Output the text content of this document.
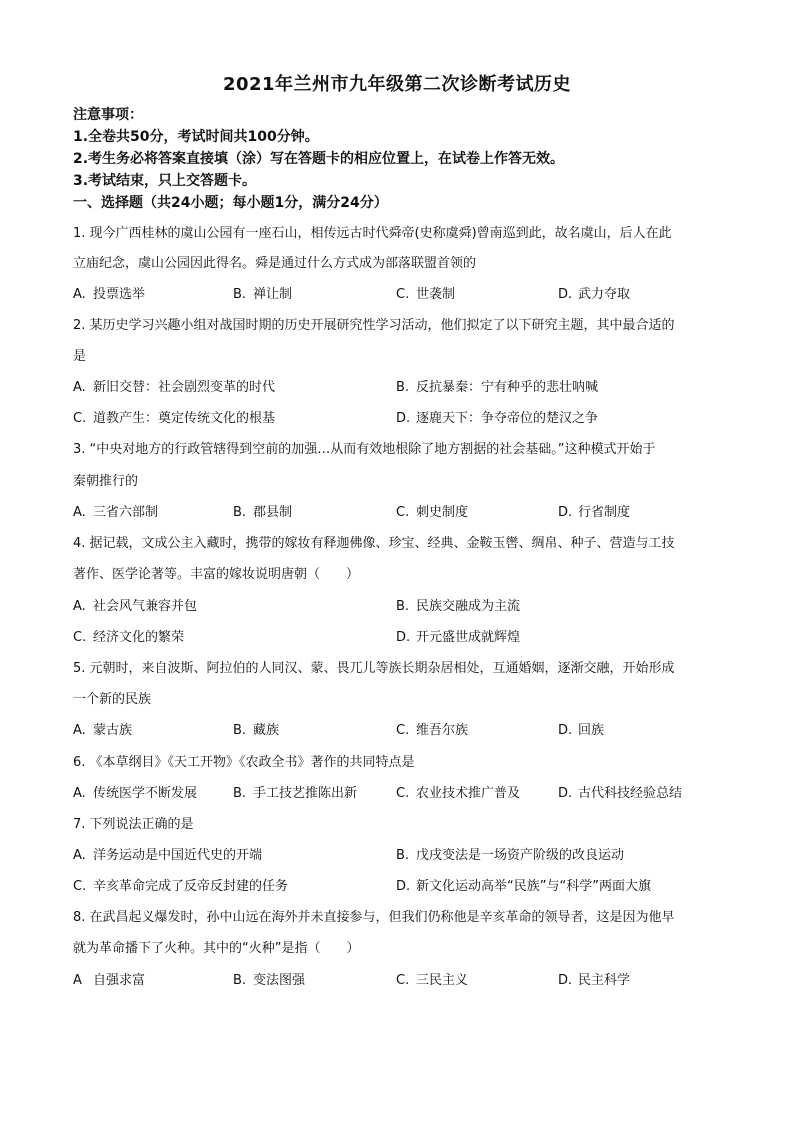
2021年兰州市九年级第二次诊断考试历史
注意事项：
1.全卷共50分，考试时间共100分钟。
2.考生务必将答案直接填（涂）写在答题卡的相应位置上，在试卷上作答无效。
3.考试结束，只上交答题卡。
一、选择题（共24小题；每小题1分，满分24分）
1. 现今广西桂林的虞山公园有一座石山，相传远古时代舜帝(史称虞舜)曾南巡到此，故名虞山，后人在此
立庙纪念，虞山公园因此得名。舜是通过什么方式成为部落联盟首领的
A. 投票选举	B. 禅让制	C. 世袭制	D. 武力夺取
2. 某历史学习兴趣小组对战国时期的历史开展研究性学习活动，他们拟定了以下研究主题，其中最合适的
是
A. 新旧交替：社会剧烈变革的时代	B. 反抗暴秦：宁有种乎的悲壮呐喊
C. 道教产生：奠定传统文化的根基	D. 逐鹿天下：争夺帝位的楚汉之争
3. “中央对地方的行政管辖得到空前的加强…从而有效地根除了地方割据的社会基础。”这种模式开始于
秦朝推行的
A. 三省六部制	B. 郡县制	C. 刺史制度	D. 行省制度
4. 据记载，文成公主入藏时，携带的嫁妆有释迦佛像、珍宝、经典、金鞍玉辔、绸帛、种子、营造与工技
著作、医学论著等。丰富的嫁妆说明唐朝（　　）
A. 社会风气兼容并包	B. 民族交融成为主流
C. 经济文化的繁荣	D. 开元盛世成就辉煌
5. 元朝时，来自波斯、阿拉伯的人同汉、蒙、畏兀儿等族长期杂居相处，互通婚姻，逐渐交融，开始形成
一个新的民族
A. 蒙古族	B. 藏族	C. 维吾尔族	D. 回族
6. 《本草纲目》《天工开物》《农政全书》著作的共同特点是
A. 传统医学不断发展	B. 手工技艺推陈出新	C. 农业技术推广普及	D. 古代科技经验总结
7. 下列说法正确的是
A. 洋务运动是中国近代史的开端	B. 戊戌变法是一场资产阶级的改良运动
C. 辛亥革命完成了反帝反封建的任务	D. 新文化运动高举“民族”与“科学”两面大旗
8. 在武昌起义爆发时，孙中山远在海外并未直接参与，但我们仍称他是辛亥革命的领导者，这是因为他早
就为革命播下了火种。其中的“火种”是指（　　）
A 自强求富	B. 变法图强	C. 三民主义	D. 民主科学
